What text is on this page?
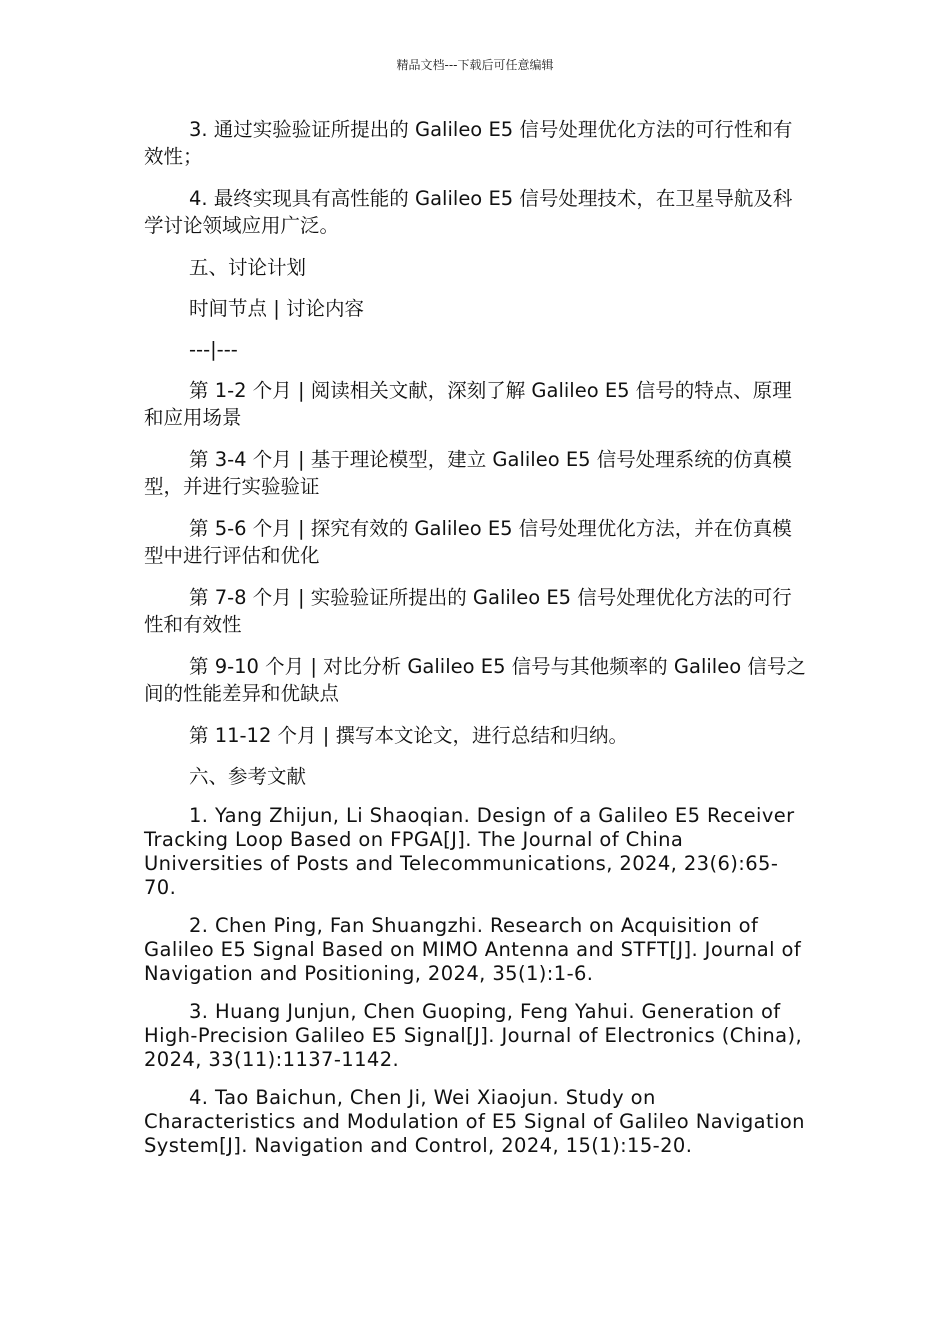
精品文档---下载后可任意编辑

3. 通过实验验证所提出的 Galileo E5 信号处理优化方法的可行性和有效性；

4. 最终实现具有高性能的 Galileo E5 信号处理技术，在卫星导航及科学讨论领域应用广泛。

五、讨论计划

时间节点 | 讨论内容

---|---

第 1-2 个月 | 阅读相关文献，深刻了解 Galileo E5 信号的特点、原理和应用场景

第 3-4 个月 | 基于理论模型，建立 Galileo E5 信号处理系统的仿真模型，并进行实验验证

第 5-6 个月 | 探究有效的 Galileo E5 信号处理优化方法，并在仿真模型中进行评估和优化

第 7-8 个月 | 实验验证所提出的 Galileo E5 信号处理优化方法的可行性和有效性

第 9-10 个月 | 对比分析 Galileo E5 信号与其他频率的 Galileo 信号之间的性能差异和优缺点

第 11-12 个月 | 撰写本文论文，进行总结和归纳。

六、参考文献

1. Yang Zhijun, Li Shaoqian. Design of a Galileo E5 Receiver Tracking Loop Based on FPGA[J]. The Journal of China Universities of Posts and Telecommunications, 2024, 23(6):65-70.

2. Chen Ping, Fan Shuangzhi. Research on Acquisition of Galileo E5 Signal Based on MIMO Antenna and STFT[J]. Journal of Navigation and Positioning, 2024, 35(1):1-6.

3. Huang Junjun, Chen Guoping, Feng Yahui. Generation of High-Precision Galileo E5 Signal[J]. Journal of Electronics (China), 2024, 33(11):1137-1142.

4. Tao Baichun, Chen Ji, Wei Xiaojun. Study on Characteristics and Modulation of E5 Signal of Galileo Navigation System[J]. Navigation and Control, 2024, 15(1):15-20.
